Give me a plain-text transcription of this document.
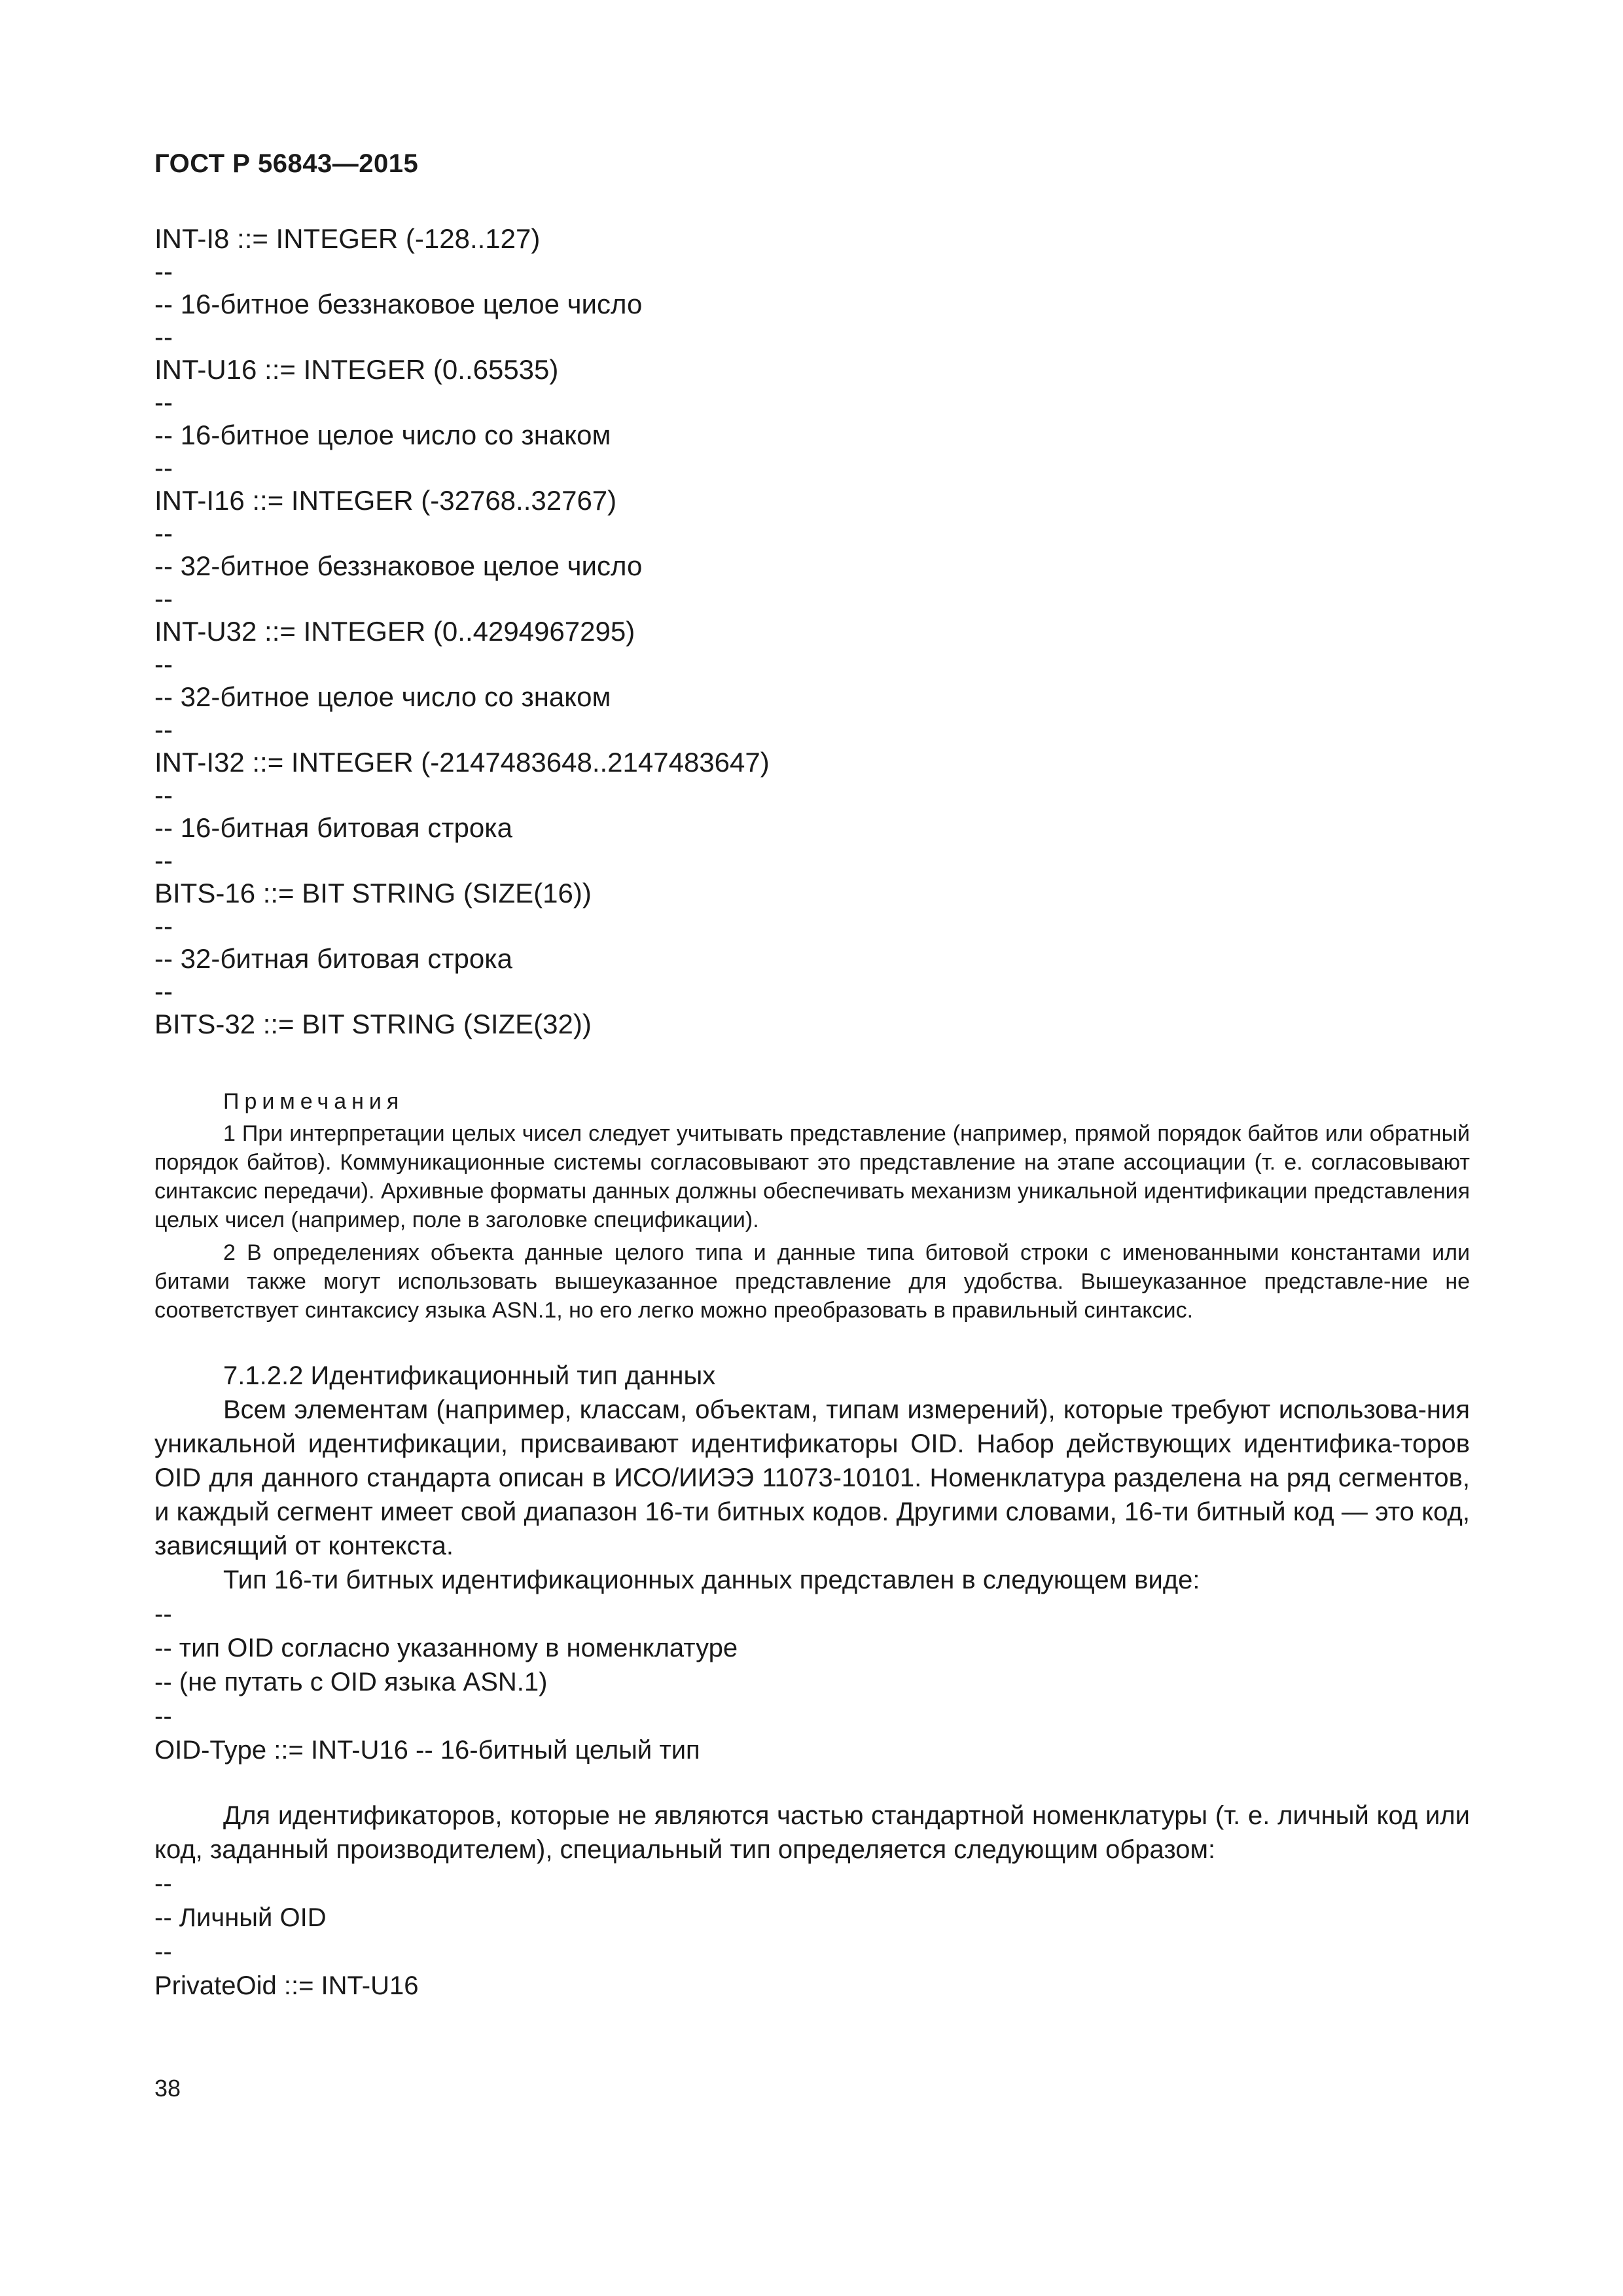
ГОСТ Р 56843—2015
INT-I8 ::= INTEGER (-128..127)
--
-- 16-битное беззнаковое целое число
--
INT-U16 ::= INTEGER (0..65535)
--
-- 16-битное целое число со знаком
--
INT-I16 ::= INTEGER (-32768..32767)
--
-- 32-битное беззнаковое целое число
--
INT-U32 ::= INTEGER (0..4294967295)
--
-- 32-битное целое число со знаком
--
INT-I32 ::= INTEGER (-2147483648..2147483647)
--
-- 16-битная битовая строка
--
BITS-16 ::= BIT STRING (SIZE(16))
--
-- 32-битная битовая строка
--
BITS-32 ::= BIT STRING (SIZE(32))
Примечания

1 При интерпретации целых чисел следует учитывать представление (например, прямой порядок байтов или обратный порядок байтов). Коммуникационные системы согласовывают это представление на этапе ассоциации (т. е. согласовывают синтаксис передачи). Архивные форматы данных должны обеспечивать механизм уникальной идентификации представления целых чисел (например, поле в заголовке спецификации).

2 В определениях объекта данные целого типа и данные типа битовой строки с именованными константами или битами также могут использовать вышеуказанное представление для удобства. Вышеуказанное представле-ние не соответствует синтаксису языка ASN.1, но его легко можно преобразовать в правильный синтаксис.

7.1.2.2 Идентификационный тип данных

Всем элементам (например, классам, объектам, типам измерений), которые требуют использова-ния уникальной идентификации, присваивают идентификаторы OID. Набор действующих идентифика-торов OID для данного стандарта описан в ИСО/ИИЭЭ 11073-10101. Номенклатура разделена на ряд сегментов, и каждый сегмент имеет свой диапазон 16-ти битных кодов. Другими словами, 16-ти битный код — это код, зависящий от контекста.

Тип 16-ти битных идентификационных данных представлен в следующем виде:

--
-- тип OID согласно указанному в номенклатуре
-- (не путать с OID языка ASN.1)
--
OID-Type ::= INT-U16 -- 16-битный целый тип

Для идентификаторов, которые не являются частью стандартной номенклатуры (т. е. личный код или код, заданный производителем), специальный тип определяется следующим образом:

--
-- Личный OID
--
PrivateOid ::= INT-U16
38
